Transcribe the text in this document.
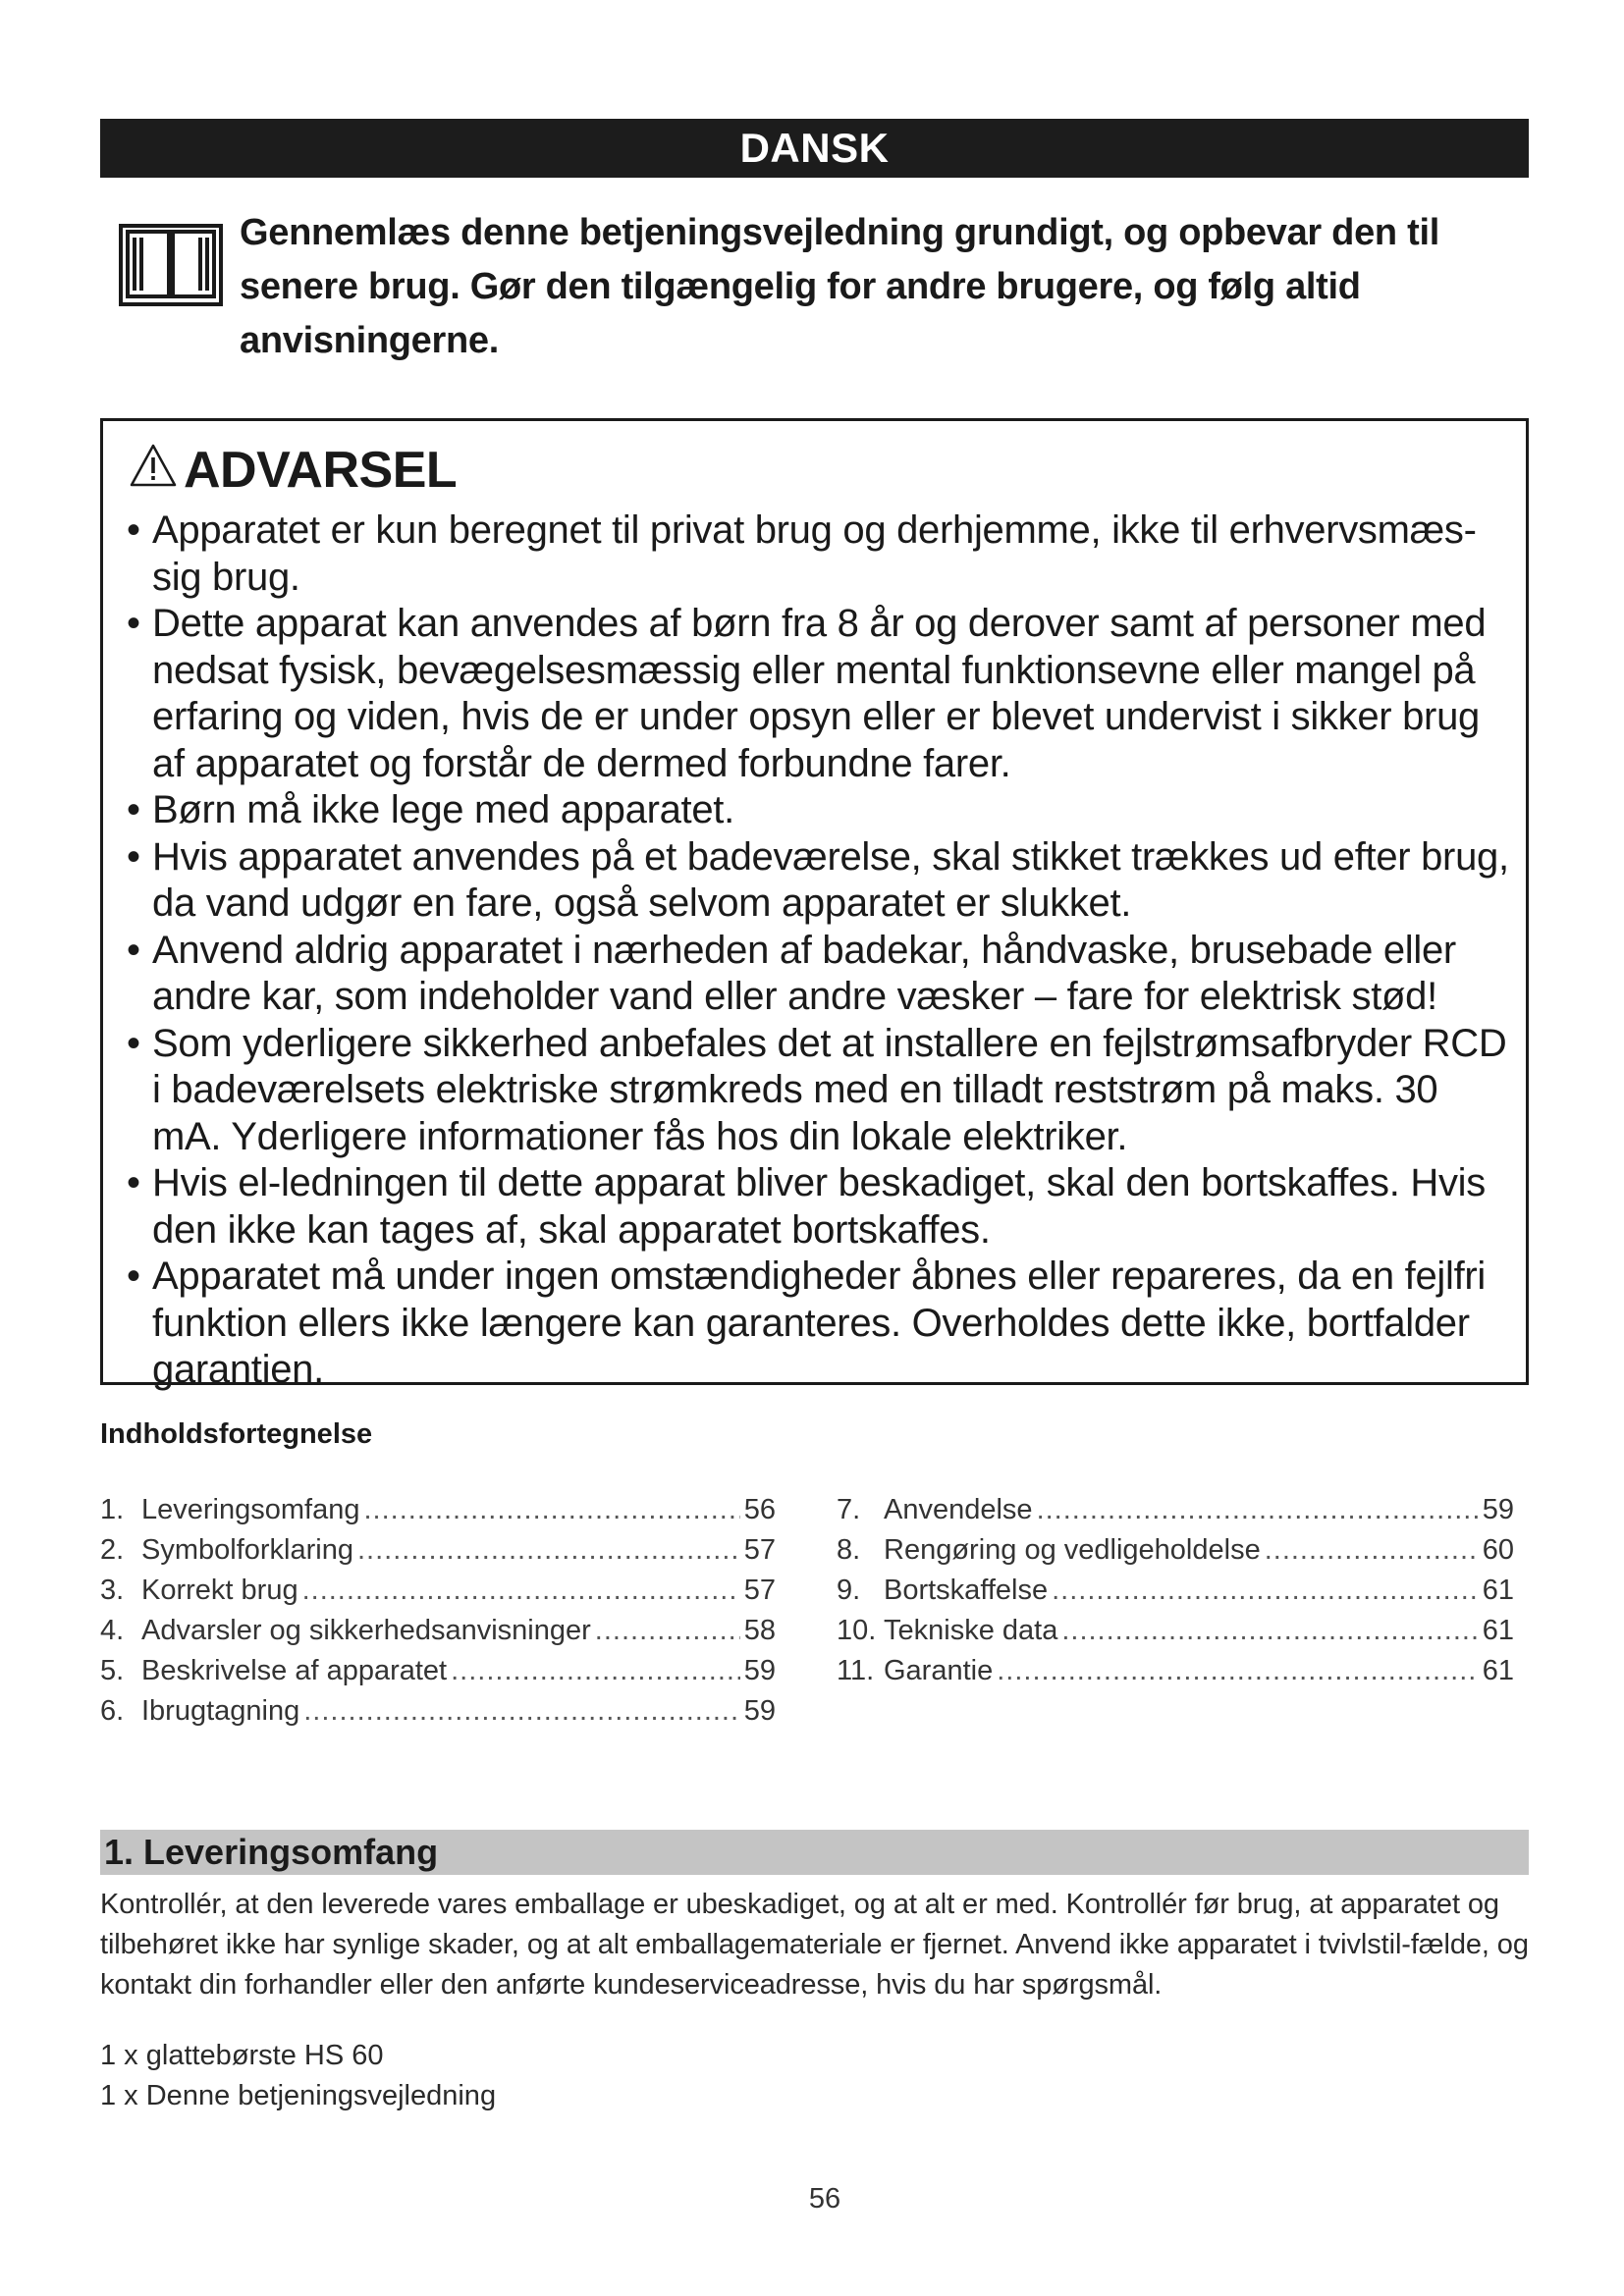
DANSK
Gennemlæs denne betjeningsvejledning grundigt, og opbevar den til senere brug. Gør den tilgængelig for andre brugere, og følg altid anvisningerne.
ADVARSEL
• Apparatet er kun beregnet til privat brug og derhjemme, ikke til erhvervsmæs-sig brug.
• Dette apparat kan anvendes af børn fra 8 år og derover samt af personer med nedsat fysisk, bevægelsesmæssig eller mental funktionsevne eller mangel på erfaring og viden, hvis de er under opsyn eller er blevet undervist i sikker brug af apparatet og forstår de dermed forbundne farer.
• Børn må ikke lege med apparatet.
• Hvis apparatet anvendes på et badeværelse, skal stikket trækkes ud efter brug, da vand udgør en fare, også selvom apparatet er slukket.
• Anvend aldrig apparatet i nærheden af badekar, håndvaske, brusebade eller andre kar, som indeholder vand eller andre væsker – fare for elektrisk stød!
• Som yderligere sikkerhed anbefales det at installere en fejlstrømsafbryder RCD i badeværelsets elektriske strømkreds med en tilladt reststrøm på maks. 30 mA. Yderligere informationer fås hos din lokale elektriker.
• Hvis el-ledningen til dette apparat bliver beskadiget, skal den bortskaffes. Hvis den ikke kan tages af, skal apparatet bortskaffes.
• Apparatet må under ingen omstændigheder åbnes eller repareres, da en fejlfri funktion ellers ikke længere kan garanteres. Overholdes dette ikke, bortfalder garantien.
Indholdsfortegnelse
1. Leveringsomfang .....	56
2. Symbolforklaring .....	57
3. Korrekt brug .....	57
4. Advarsler og sikkerhedsanvisninger .....	58
5. Beskrivelse af apparatet .....	59
6. Ibrugtagning .....	59
7. Anvendelse .....	59
8. Rengøring og vedligeholdelse .....	60
9. Bortskaffelse .....	61
10. Tekniske data .....	61
11. Garantie .....	61
1. Leveringsomfang

Kontrollér, at den leverede vares emballage er ubeskadiget, og at alt er med. Kontrollér før brug, at apparatet og tilbehøret ikke har synlige skader, og at alt emballagemateriale er fjernet. Anvend ikke apparatet i tvivlstil-fælde, og kontakt din forhandler eller den anførte kundeserviceadresse, hvis du har spørgsmål.

1 x glattebørste HS 60
1 x Denne betjeningsvejledning
56
